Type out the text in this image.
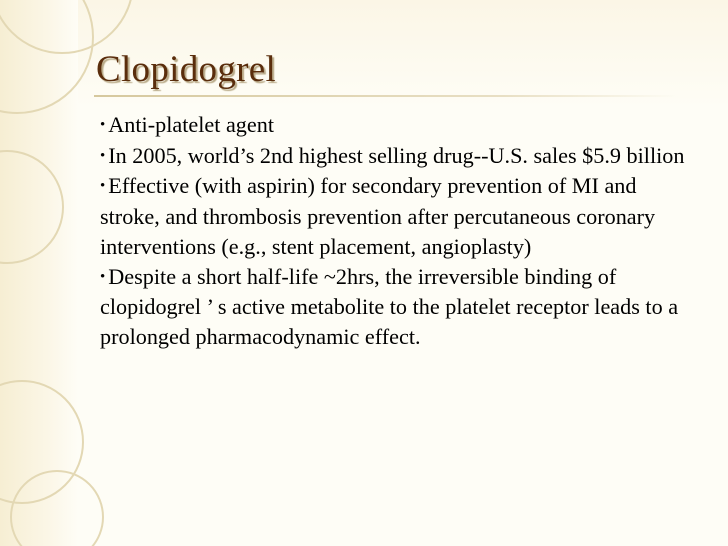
Clopidogrel

• Anti-platelet agent

• In 2005, world’s 2nd highest selling drug--U.S. sales $5.9 billion

• Effective (with aspirin) for secondary prevention of MI and stroke, and thrombosis prevention after percutaneous coronary interventions (e.g., stent placement, angioplasty)

• Despite a short half-life ~2hrs, the irreversible binding of clopidogrel ’ s active metabolite to the platelet receptor leads to a prolonged pharmacodynamic effect.
